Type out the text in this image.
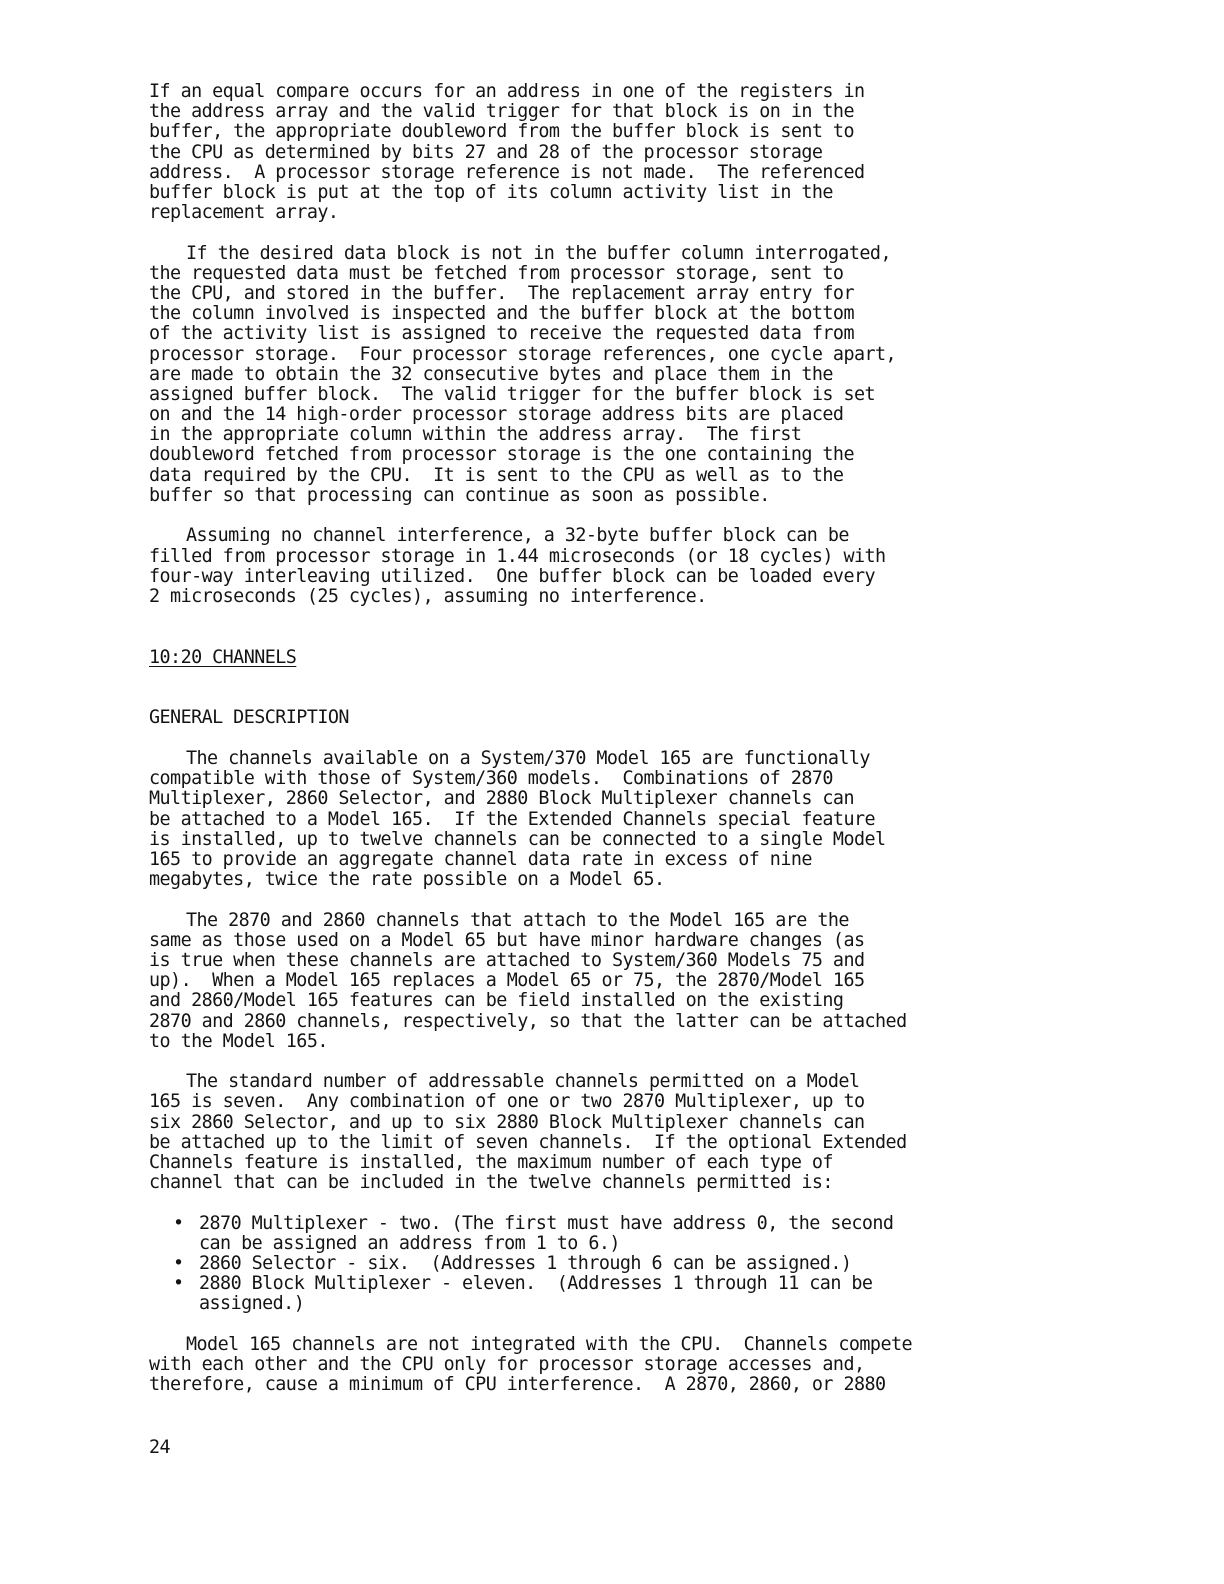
If an equal compare occurs for an address in one of the registers in
the address array and the valid trigger for that block is on in the
buffer, the appropriate doubleword from the buffer block is sent to
the CPU as determined by bits 27 and 28 of the processor storage
address.  A processor storage reference is not made.  The referenced
buffer block is put at the top of its column activity list in the
replacement array.
If the desired data block is not in the buffer column interrogated,
the requested data must be fetched from processor storage, sent to
the CPU, and stored in the buffer.  The replacement array entry for
the column involved is inspected and the buffer block at the bottom
of the activity list is assigned to receive the requested data from
processor storage.  Four processor storage references, one cycle apart,
are made to obtain the 32 consecutive bytes and place them in the
assigned buffer block.  The valid trigger for the buffer block is set
on and the 14 high-order processor storage address bits are placed
in the appropriate column within the address array.  The first
doubleword fetched from processor storage is the one containing the
data required by the CPU.  It is sent to the CPU as well as to the
buffer so that processing can continue as soon as possible.
Assuming no channel interference, a 32-byte buffer block can be
filled from processor storage in 1.44 microseconds (or 18 cycles) with
four-way interleaving utilized.  One buffer block can be loaded every
2 microseconds (25 cycles), assuming no interference.
10:20 CHANNELS
GENERAL DESCRIPTION
The channels available on a System/370 Model 165 are functionally
compatible with those of System/360 models.  Combinations of 2870
Multiplexer, 2860 Selector, and 2880 Block Multiplexer channels can
be attached to a Model 165.  If the Extended Channels special feature
is installed, up to twelve channels can be connected to a single Model
165 to provide an aggregate channel data rate in excess of nine
megabytes, twice the rate possible on a Model 65.
The 2870 and 2860 channels that attach to the Model 165 are the
same as those used on a Model 65 but have minor hardware changes (as
is true when these channels are attached to System/360 Models 75 and
up).  When a Model 165 replaces a Model 65 or 75, the 2870/Model 165
and 2860/Model 165 features can be field installed on the existing
2870 and 2860 channels, respectively, so that the latter can be attached
to the Model 165.
The standard number of addressable channels permitted on a Model
165 is seven.  Any combination of one or two 2870 Multiplexer, up to
six 2860 Selector, and up to six 2880 Block Multiplexer channels can
be attached up to the limit of seven channels.  If the optional Extended
Channels feature is installed, the maximum number of each type of
channel that can be included in the twelve channels permitted is:
• 2870 Multiplexer - two. (The first must have address 0, the second
can be assigned an address from 1 to 6.)
• 2860 Selector - six.  (Addresses 1 through 6 can be assigned.)
• 2880 Block Multiplexer - eleven.  (Addresses 1 through 11 can be
assigned.)
Model 165 channels are not integrated with the CPU.  Channels compete
with each other and the CPU only for processor storage accesses and,
therefore, cause a minimum of CPU interference.  A 2870, 2860, or 2880
24
